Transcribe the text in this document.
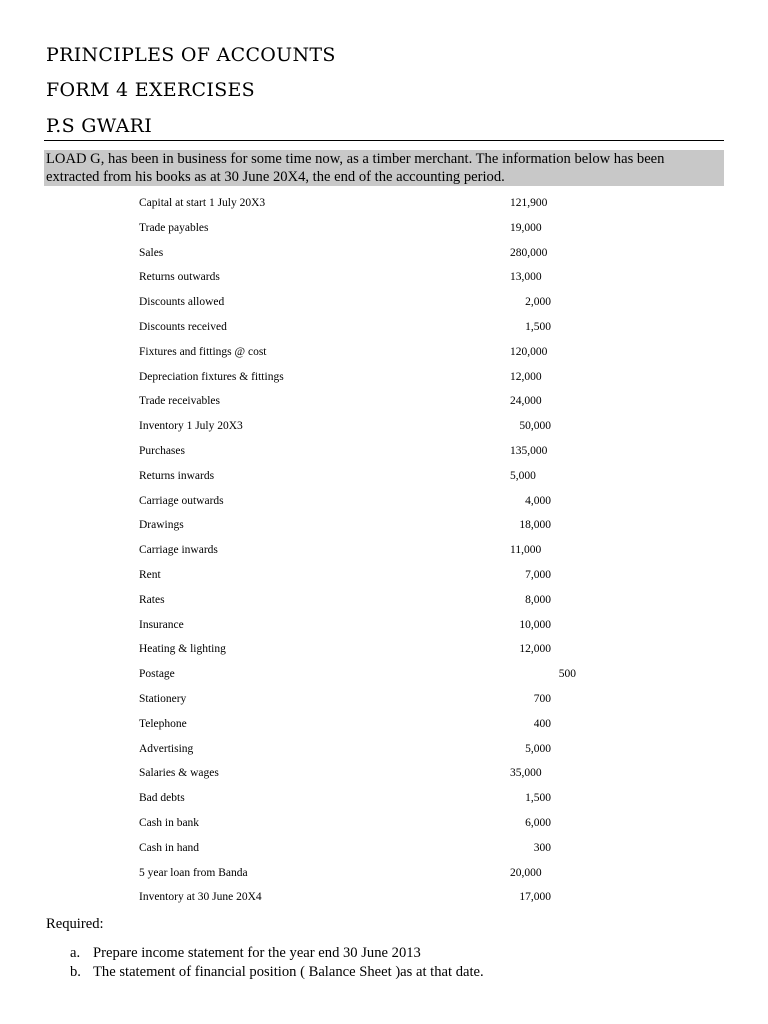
PRINCIPLES OF ACCOUNTS
FORM 4 EXERCISES
P.S GWARI
LOAD G, has been in business for some time now, as a timber merchant. The information below has been
extracted from his books as at 30 June 20X4, the end of the accounting period.
Capital at start 1 July 20X3	121,900
Trade payables	19,000
Sales	280,000
Returns outwards	13,000
Discounts allowed	2,000
Discounts received	1,500
Fixtures and fittings @ cost	120,000
Depreciation fixtures & fittings	12,000
Trade receivables	24,000
Inventory 1 July 20X3	50,000
Purchases	135,000
Returns inwards	5,000
Carriage outwards	4,000
Drawings	18,000
Carriage inwards	11,000
Rent	7,000
Rates	8,000
Insurance	10,000
Heating & lighting	12,000
Postage	500
Stationery	700
Telephone	400
Advertising	5,000
Salaries & wages	35,000
Bad debts	1,500
Cash in bank	6,000
Cash in hand	300
5 year loan from Banda	20,000
Inventory at 30 June 20X4	17,000
Required:
a. Prepare income statement for the year end 30 June 2013
b. The statement of financial position ( Balance Sheet )as at that date.
